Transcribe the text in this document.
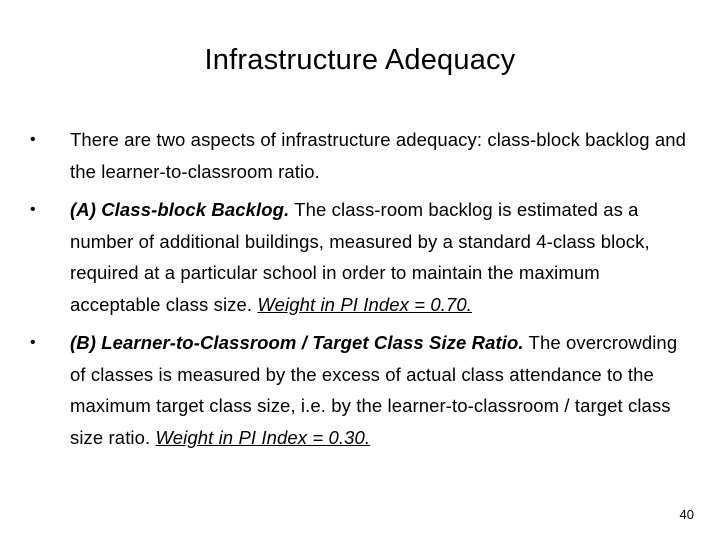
Infrastructure Adequacy
•	There are two aspects of infrastructure adequacy: class-block backlog and the learner-to-classroom ratio.
•	(A) Class-block Backlog. The class-room backlog is estimated as a number of additional buildings, measured by a standard 4-class block, required at a particular school in order to maintain the maximum acceptable class size. Weight in PI Index = 0.70.
•	(B) Learner-to-Classroom / Target Class Size Ratio. The overcrowding of classes is measured by the excess of actual class attendance to the maximum target class size, i.e. by the learner-to-classroom / target class size ratio. Weight in PI Index = 0.30.
40
